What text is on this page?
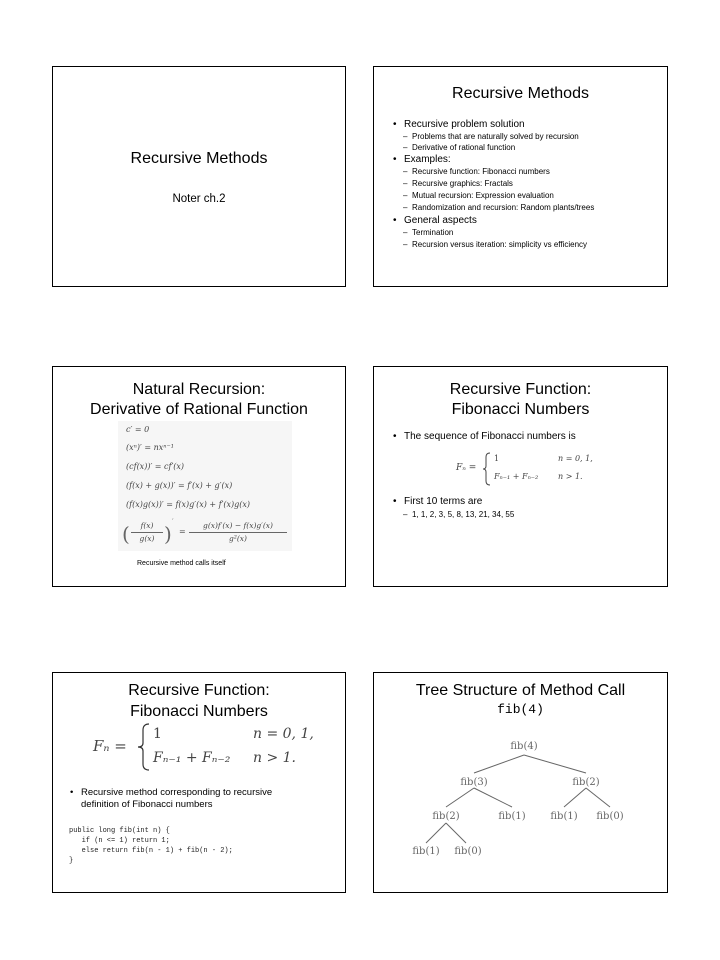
Recursive Methods
Noter ch.2
Recursive Methods
• Recursive problem solution
– Problems that are naturally solved by recursion
– Derivative of rational function
• Examples:
– Recursive function: Fibonacci numbers
– Recursive graphics: Fractals
– Mutual recursion: Expression evaluation
– Randomization and recursion: Random plants/trees
• General aspects
– Termination
– Recursion versus iteration: simplicity vs efficiency
Natural Recursion:
Derivative of Rational Function
c′ = 0
(xⁿ)′ = nxⁿ⁻¹
(cf(x))′ = cf′(x)
(f(x) + g(x))′ = f′(x) + g′(x)
(f(x)g(x))′ = f(x)g′(x) + f′(x)g(x)
(	f(x)
g(x) ) ′
=
g(x)f′(x) − f(x)g′(x)
g²(x)
Recursive method calls itself
Recursive Function:
Fibonacci Numbers
• The sequence of Fibonacci numbers is
Fₙ =
1	n = 0, 1,
Fₙ₋₁ + Fₙ₋₂ n > 1.
• First 10 terms are
– 1, 1, 2, 3, 5, 8, 13, 21, 34, 55
Recursive Function:
Fibonacci Numbers
Fₙ =
1	n = 0, 1,
Fₙ₋₁ + Fₙ₋₂ n > 1.
• Recursive method corresponding to recursive
definition of Fibonacci numbers
public long fib(int n) {
if (n <= 1) return 1;
else return fib(n - 1) + fib(n - 2);
}
Tree Structure of Method Call
fib(4)
fib(4)
fib(3)	fib(2)
fib(2)	fib(1) fib(1) fib(0)
fib(1) fib(0)
